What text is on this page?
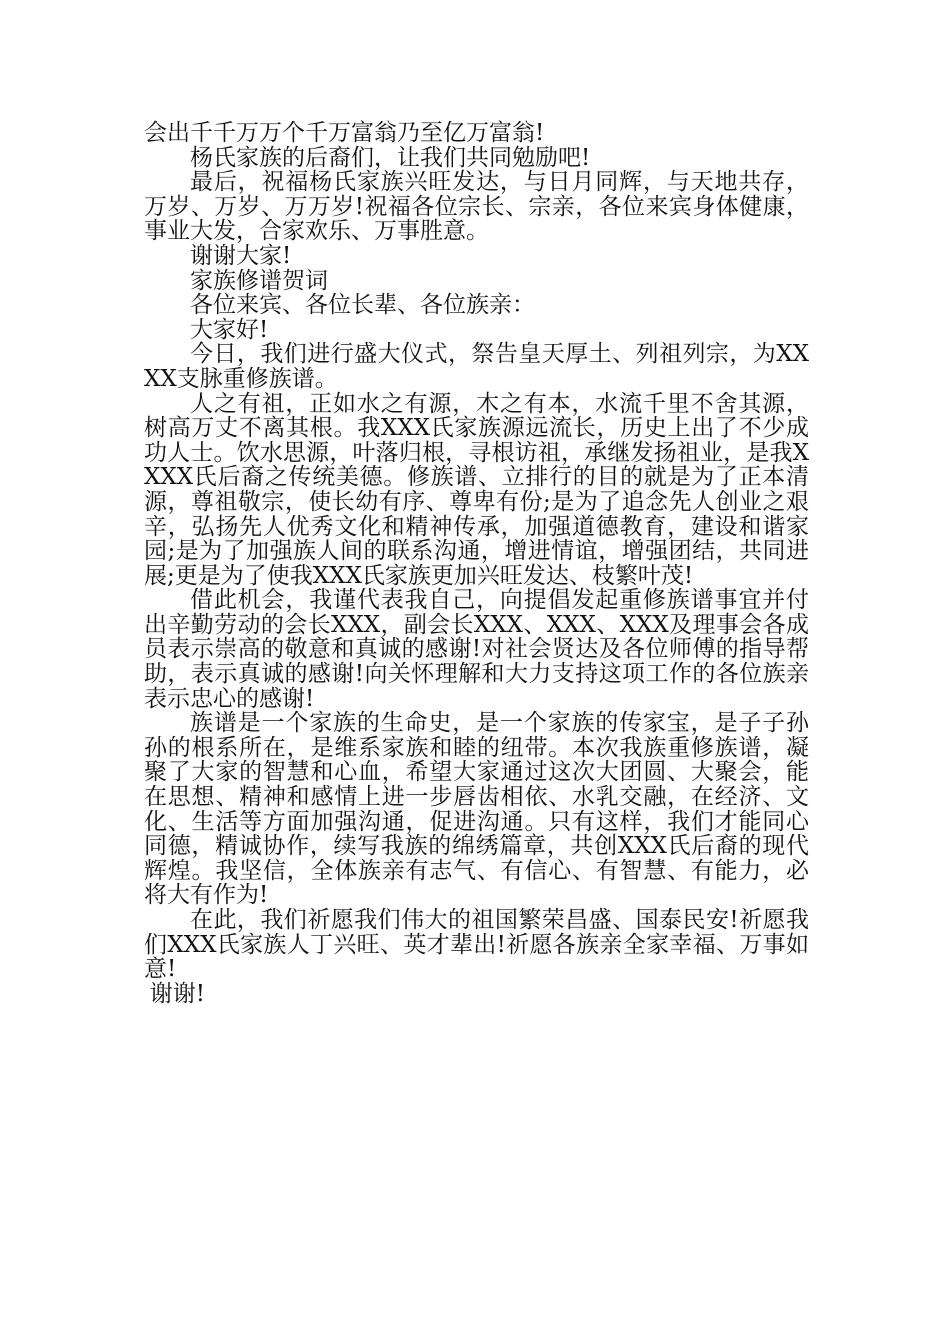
会出千千万万个千万富翁乃至亿万富翁!

杨氏家族的后裔们，让我们共同勉励吧!

最后，祝福杨氏家族兴旺发达，与日月同辉，与天地共存，万岁、万岁、万万岁!祝福各位宗长、宗亲，各位来宾身体健康，事业大发，合家欢乐、万事胜意。

谢谢大家!

家族修谱贺词

各位来宾、各位长辈、各位族亲：

大家好!

今日，我们进行盛大仪式，祭告皇天厚土、列祖列宗，为XXXX支脉重修族谱。

人之有祖，正如水之有源，木之有本，水流千里不舍其源，树高万丈不离其根。我XXX氏家族源远流长，历史上出了不少成功人士。饮水思源，叶落归根，寻根访祖，承继发扬祖业，是我XXXX氏后裔之传统美德。修族谱、立排行的目的就是为了正本清源，尊祖敬宗，使长幼有序、尊卑有份;是为了追念先人创业之艰辛，弘扬先人优秀文化和精神传承，加强道德教育，建设和谐家园;是为了加强族人间的联系沟通，增进情谊，增强团结，共同进展;更是为了使我XXX氏家族更加兴旺发达、枝繁叶茂!

借此机会，我谨代表我自己，向提倡发起重修族谱事宜并付出辛勤劳动的会长XXX，副会长XXX、XXX、XXX及理事会各成员表示崇高的敬意和真诚的感谢!对社会贤达及各位师傅的指导帮助，表示真诚的感谢!向关怀理解和大力支持这项工作的各位族亲表示忠心的感谢!

族谱是一个家族的生命史，是一个家族的传家宝，是子子孙孙的根系所在，是维系家族和睦的纽带。本次我族重修族谱，凝聚了大家的智慧和心血，希望大家通过这次大团圆、大聚会，能在思想、精神和感情上进一步唇齿相依、水乳交融，在经济、文化、生活等方面加强沟通，促进沟通。只有这样，我们才能同心同德，精诚协作，续写我族的绵绣篇章，共创XXX氏后裔的现代辉煌。我坚信，全体族亲有志气、有信心、有智慧、有能力，必将大有作为!

在此，我们祈愿我们伟大的祖国繁荣昌盛、国泰民安!祈愿我们XXX氏家族人丁兴旺、英才辈出!祈愿各族亲全家幸福、万事如意!

谢谢!
